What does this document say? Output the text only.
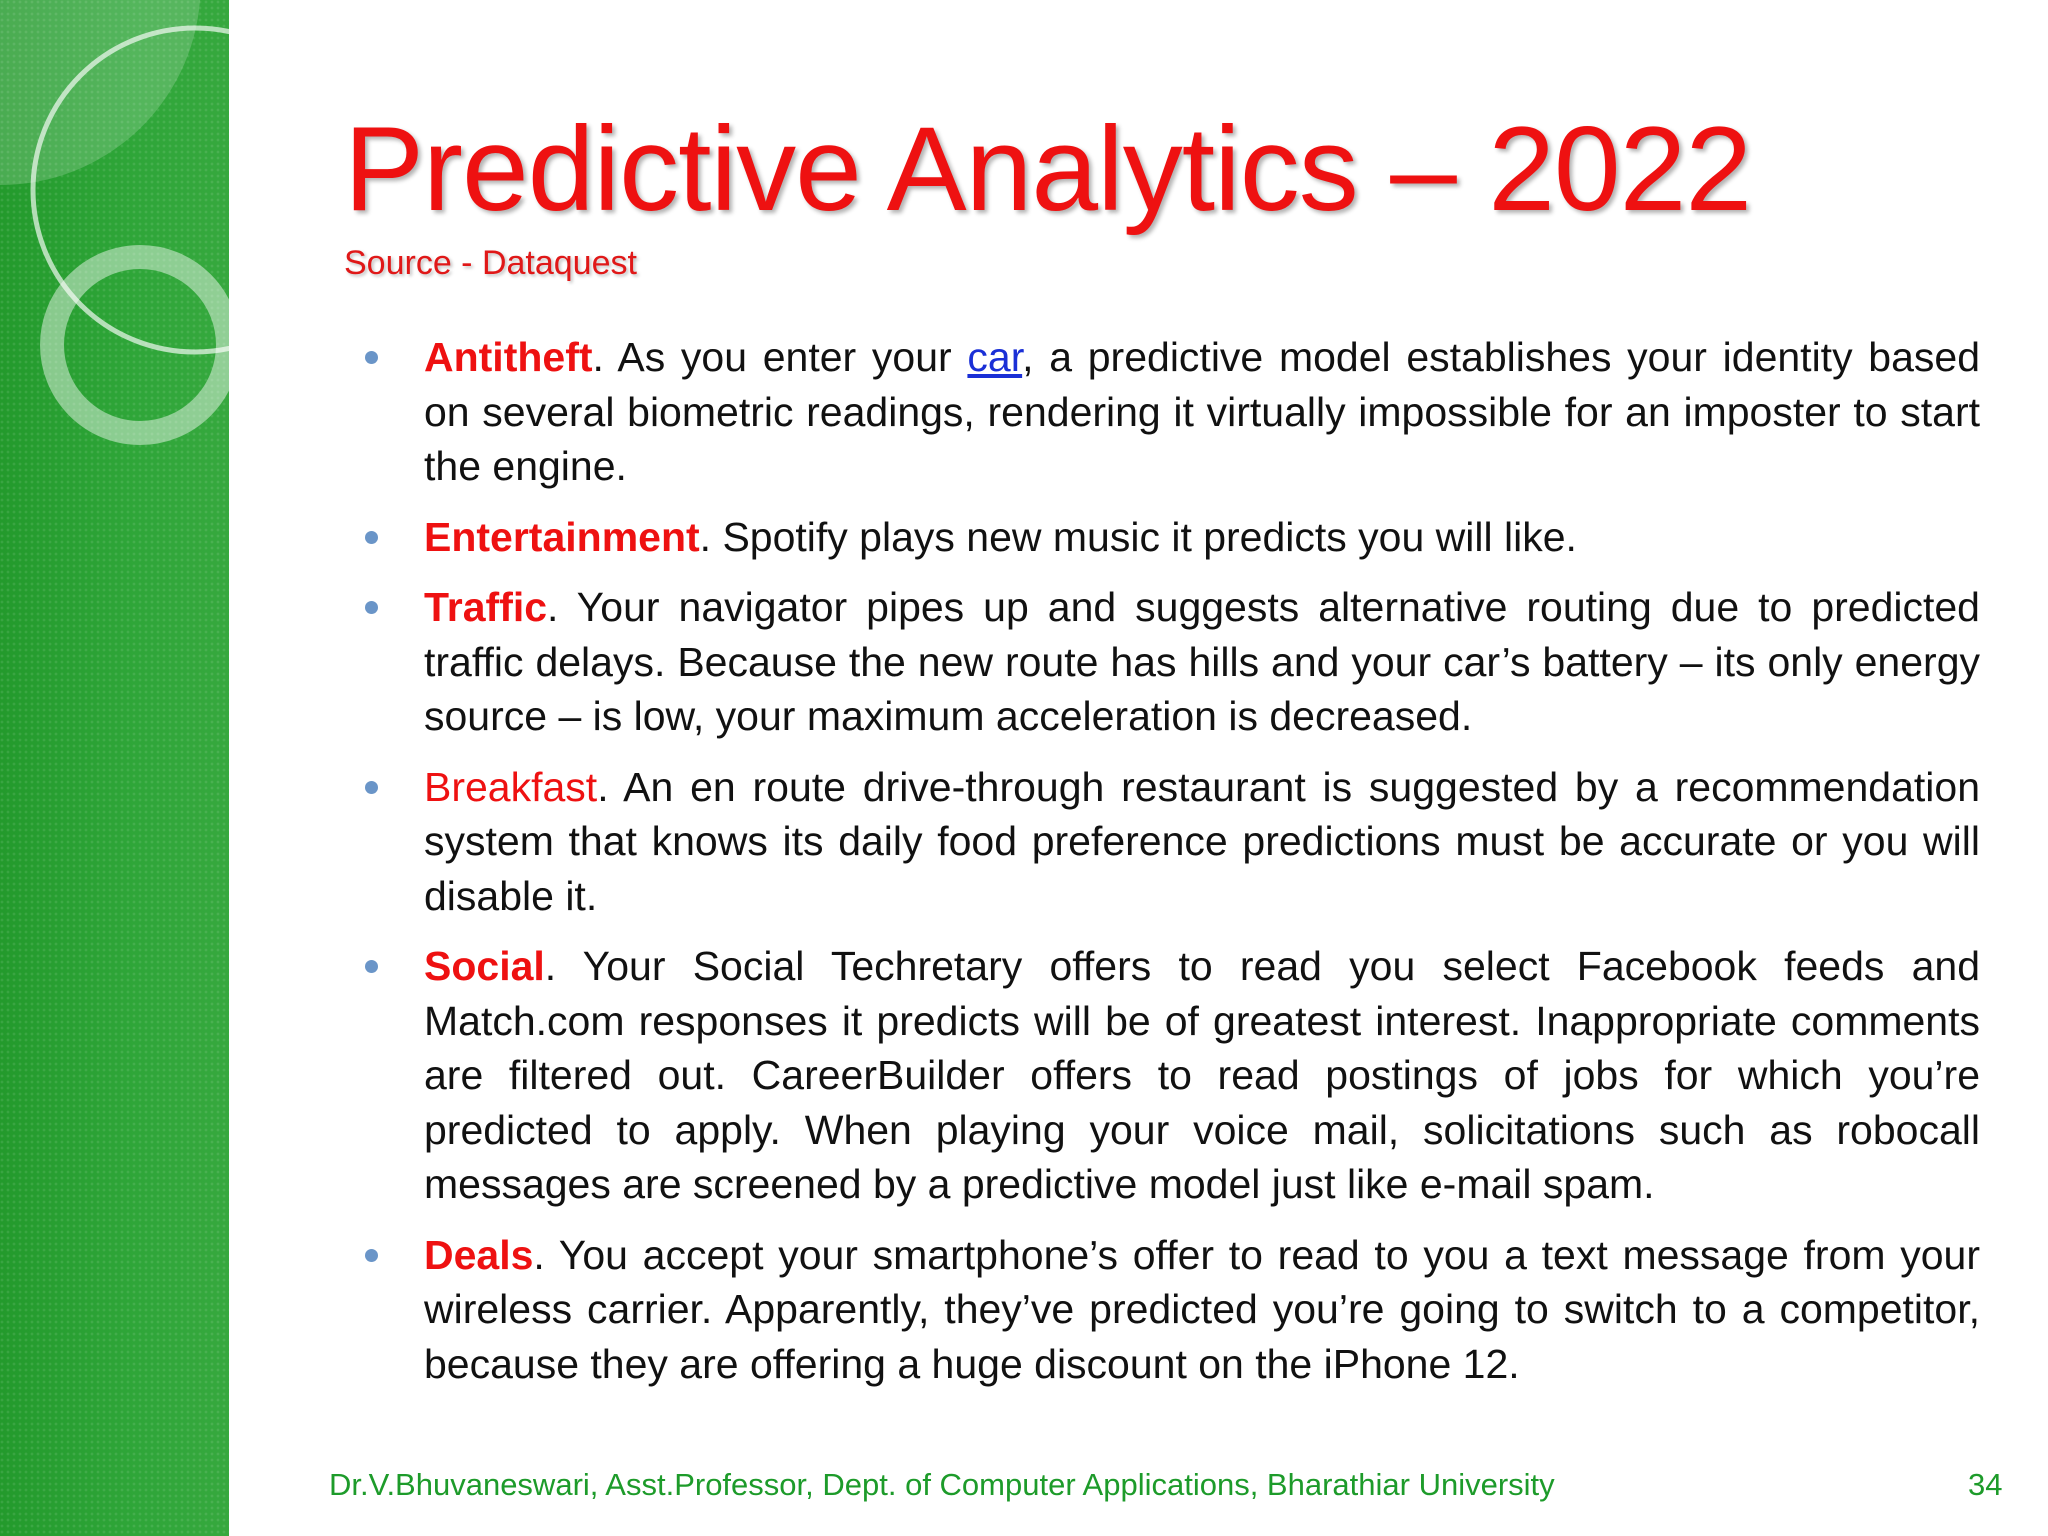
Predictive Analytics – 2022
Source - Dataquest
Antitheft. As you enter your car, a predictive model establishes your identity based on several biometric readings, rendering it virtually impossible for an imposter to start the engine.
Entertainment. Spotify plays new music it predicts you will like.
Traffic. Your navigator pipes up and suggests alternative routing due to predicted traffic delays. Because the new route has hills and your car’s battery – its only energy source – is low, your maximum acceleration is decreased.
Breakfast. An en route drive-through restaurant is suggested by a recommendation system that knows its daily food preference predictions must be accurate or you will disable it.
Social. Your Social Techretary offers to read you select Facebook feeds and Match.com responses it predicts will be of greatest interest. Inappropriate comments are filtered out. CareerBuilder offers to read postings of jobs for which you’re predicted to apply. When playing your voice mail, solicitations such as robocall messages are screened by a predictive model just like e-mail spam.
Deals. You accept your smartphone’s offer to read to you a text message from your wireless carrier. Apparently, they’ve predicted you’re going to switch to a competitor, because they are offering a huge discount on the iPhone 12.
Dr.V.Bhuvaneswari, Asst.Professor, Dept. of Computer Applications, Bharathiar University	34
